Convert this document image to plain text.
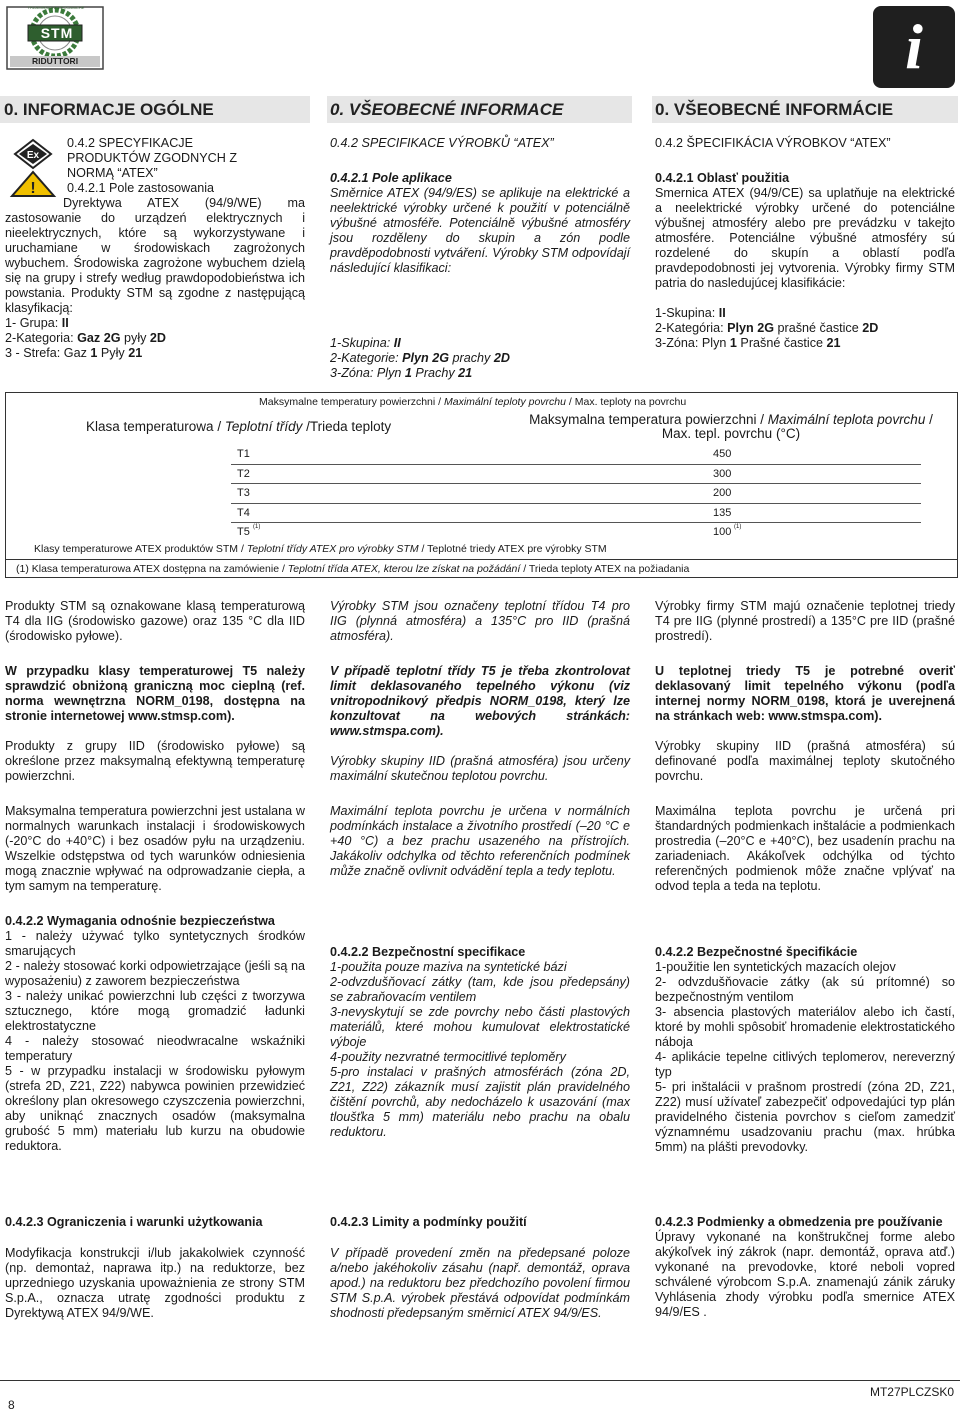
STM
TRASMISSIONI MECCANICHE
RIDUTTORI	i
0. INFORMACJE OGÓLNE	0. VŠEOBECNÉ INFORMACE	0. VŠEOBECNÉ INFORMÁCIE
Ex
!
0.4.2 SPECYFIKACJE
PRODUKTÓW ZGODNYCH Z
NORMĄ “ATEX”
0.4.2.1 Pole zastosowania

Dyrektywa ATEX (94/9/WE) ma zastosowanie do urządzeń elektrycznych i nieelektrycznych, które są wykorzystywane i uruchamiane w środowiskach zagrożonych wybuchem. Środowiska zagrożone wybuchem dzielą się na grupy i strefy według prawdopodobieństwa ich powstania. Produkty STM są zgodne z następującą klasyfikacją:

1- Grupa: II
2-Kategoria: Gaz 2G pyły 2D
3 - Strefa: Gaz 1 Pyły 21
0.4.2 SPECIFIKACE VÝROBKŮ “ATEX”
0.4.2.1 Pole aplikace

Směrnice ATEX (94/9/ES) se aplikuje na elektrické a neelektrické výrobky určené k použití v potenciálně výbušné atmosféře. Potenciálně výbušné atmosféry jsou rozděleny do skupin a zón podle pravděpodobnosti vytváření. Výrobky STM odpovídají následující klasifikaci:

1-Skupina: II
2-Kategorie: Plyn 2G prachy 2D
3-Zóna: Plyn 1 Prachy 21
0.4.2 ŠPECIFIKÁCIA VÝROBKOV “ATEX”
0.4.2.1 Oblasť použitia

Smernica ATEX (94/9/CE) sa uplatňuje na elektrické a neelektrické výrobky určené do potenciálne výbušnej atmosféry alebo pre prevádzku v takejto atmosfére. Potenciálne výbušné atmosféry sú rozdelené do skupín a oblastí podľa pravdepodobnosti jej vytvorenia. Výrobky firmy STM patria do nasledujúcej klasifikácie:

1-Skupina: II
2-Kategória: Plyn 2G prašné častice 2D
3-Zóna: Plyn 1 Prašné častice 21
Maksymalne temperatury powierzchni / Maximální teploty povrchu / Max. teploty na povrchu
Klasa temperaturowa / Teplotní třídy /Trieda teploty	Maksymalna temperatura powierzchni / Maximální teplota povrchu /
Max. tepl. povrchu (°C)
T1	450
T2	300
T3	200
T4	135
T5	100
(1)	(1)
Klasy temperaturowe ATEX produktów STM / Teplotní třídy ATEX pro výrobky STM / Teplotné triedy ATEX pre výrobky STM
(1) Klasa temperaturowa ATEX dostępna na zamówienie / Teplotní třída ATEX, kterou lze získat na požádání / Trieda teploty ATEX na požiadania

Produkty STM są oznakowane klasą temperaturową T4 dla IIG (środowisko gazowe) oraz 135 °C dla IID (środowisko pyłowe).

W przypadku klasy temperaturowej T5 należy sprawdzić obniżoną graniczną moc cieplną (ref. norma wewnętrzna NORM_0198, dostępna na stronie internetowej www.stmsp.com).

Produkty z grupy IID (środowisko pyłowe) są określone przez maksymalną efektywną temperaturę powierzchni.

Maksymalna temperatura powierzchni jest ustalana w normalnych warunkach instalacji i środowiskowych (-20°C do +40°C) i bez osadów pyłu na urządzeniu. Wszelkie odstępstwa od tych warunków odniesienia mogą znacznie wpływać na odprowadzanie ciepła, a tym samym na temperaturę.

0.4.2.2 Wymagania odnośnie bezpieczeństwa

1 - należy używać tylko syntetycznych środków smarujących

2 - należy stosować korki odpowietrzające (jeśli są na wyposażeniu) z zaworem bezpieczeństwa

3 - należy unikać powierzchni lub części z tworzywa sztucznego, które mogą gromadzić ładunki elektrostatyczne

4 - należy stosować nieodwracalne wskaźniki temperatury

5 - w przypadku instalacji w środowisku pyłowym (strefa 2D, Z21, Z22) nabywca powinien przewidzieć określony plan okresowego czyszczenia powierzchni, aby uniknąć znacznych osadów (maksymalna grubość 5 mm) materiału lub kurzu na obudowie reduktora.

0.4.2.3 Ograniczenia i warunki użytkowania

Modyfikacja konstrukcji i/lub jakakolwiek czynność (np. demontaż, naprawa itp.) na reduktorze, bez uprzedniego uzyskania upoważnienia ze strony STM S.p.A., oznacza utratę zgodności produktu z Dyrektywą ATEX 94/9/WE.

Výrobky STM jsou označeny teplotní třídou T4 pro IIG (plynná atmosféra) a 135°C pro IID (prašná atmosféra).

V případě teplotní třídy T5 je třeba zkontrolovat limit deklasovaného tepelného výkonu (viz vnitropodnikový předpis NORM_0198, který lze konzultovat na webových stránkách: www.stmspa.com).

Výrobky skupiny IID (prašná atmosféra) jsou určeny maximální skutečnou teplotou povrchu.

Maximální teplota povrchu je určena v normálních podmínkách instalace a životního prostředí (–20 °C e +40 °C) a bez prachu usazeného na přístrojích. Jakákoliv odchylka od těchto referenčních podmínek může značně ovlivnit odvádění tepla a tedy teplotu.

0.4.2.2 Bezpečnostní specifikace

1-použita pouze maziva na syntetické bázi

2-odvzdušňovací zátky (tam, kde jsou předepsány) se zabraňovacím ventilem

3-nevyskytují se zde povrchy nebo části plastových materiálů, které mohou kumulovat elektrostatické výboje

4-použity nezvratné termocitlivé teploměry

5-pro instalaci v prašných atmosférách (zóna 2D, Z21, Z22) zákazník musí zajistit plán pravidelného čištění povrchů, aby nedocházelo k usazování (max tloušťka 5 mm) materiálu nebo prachu na obalu reduktoru.

0.4.2.3 Limity a podmínky použití

V případě provedení změn na předepsané poloze a/nebo jakéhokoliv zásahu (např. demontáž, oprava apod.) na reduktoru bez předchozího povolení firmou STM S.p.A. výrobek přestává odpovídat podmínkám shodnosti předepsaným směrnicí ATEX 94/9/ES.

Výrobky firmy STM majú označenie teplotnej triedy T4 pre IIG (plynné prostredí) a 135°C pre IID (prašné prostredí).

U teplotnej triedy T5 je potrebné overiť deklasovaný limit tepelného výkonu (podľa internej normy NORM_0198, ktorá je uverejnená na stránkach web: www.stmspa.com).

Výrobky skupiny IID (prašná atmosféra) sú definované podľa maximálnej teploty skutočného povrchu.

Maximálna teplota povrchu je určená pri štandardných podmienkach inštalácie a podmienkach prostredia (–20°C e +40°C), bez usadenín prachu na zariadeniach. Akákoľvek odchýlka od týchto referenčných podmienok môže značne vplývať na odvod tepla a teda na teplotu.

0.4.2.2 Bezpečnostné špecifikácie

1-použitie len syntetických mazacích olejov

2- odvzdušňovacie zátky (ak sú prítomné) so bezpečnostným ventilom

3- absencia plastových materiálov alebo ich častí, ktoré by mohli spôsobiť hromadenie elektrostatického náboja

4- aplikácie tepelne citlivých teplomerov, nereverzný typ

5- pri inštalácii v prašnom prostredí (zóna 2D, Z21, Z22) musí užívateľ zabezpečiť odpovedajúci typ plán pravidelného čistenia povrchov s cieľom zamedziť významnému usadzovaniu prachu (max. hrúbka 5mm) na plášti prevodovky.

0.4.2.3 Podmienky a obmedzenia pre používanie

Úpravy vykonané na konštrukčnej forme alebo akýkoľvek iný zákrok (napr. demontáž, oprava atď.) vykonané na prevodovke, ktoré neboli vopred schválené výrobcom S.p.A. znamenajú zánik záruky Vyhlásenia zhody výrobku podľa smernice ATEX 94/9/ES .

8
MT27PLCZSK0
